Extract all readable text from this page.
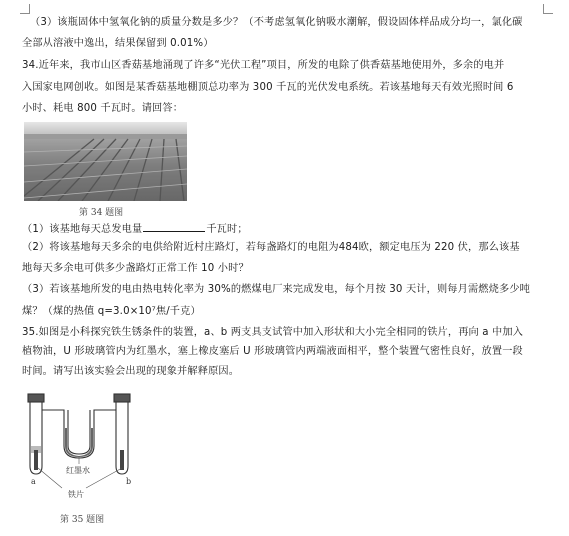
（3）该瓶固体中氢氧化钠的质量分数是多少？（不考虑氢氧化钠吸水潮解，假设固体样品成分均一，氯化碳
全部从溶液中逸出，结果保留到 0.01%）
34.近年来，我市山区香菇基地涌现了许多“光伏工程”项目，所发的电除了供香菇基地使用外，多余的电并
入国家电网创收。如图是某香菇基地棚顶总功率为 300 千瓦的光伏发电系统。若该基地每天有效光照时间 6
小时、耗电 800 千瓦时。请回答：
第 34 题图
（1）该基地每天总发电量	千瓦时；
（2）将该基地每天多余的电供给附近村庄路灯，若每盏路灯的电阻为484欧，额定电压为 220 伏，那么该基
地每天多余电可供多少盏路灯正常工作 10 小时？
（3）若该基地所发的电由热电转化率为 30%的燃煤电厂来完成发电，每个月按 30 天计，则每月需燃烧多少吨
煤？（煤的热值 q=3.0×10⁷焦/千克）
35.如图是小科探究铁生锈条件的装置，a、b 两支具支试管中加入形状和大小完全相同的铁片，再向 a 中加入
植物油，U 形玻璃管内为红墨水，塞上橡皮塞后 U 形玻璃管内两端液面相平，整个装置气密性良好，放置一段
时间。请写出该实验会出现的现象并解释原因。
红墨水
a	b
铁片
第 35 题图
